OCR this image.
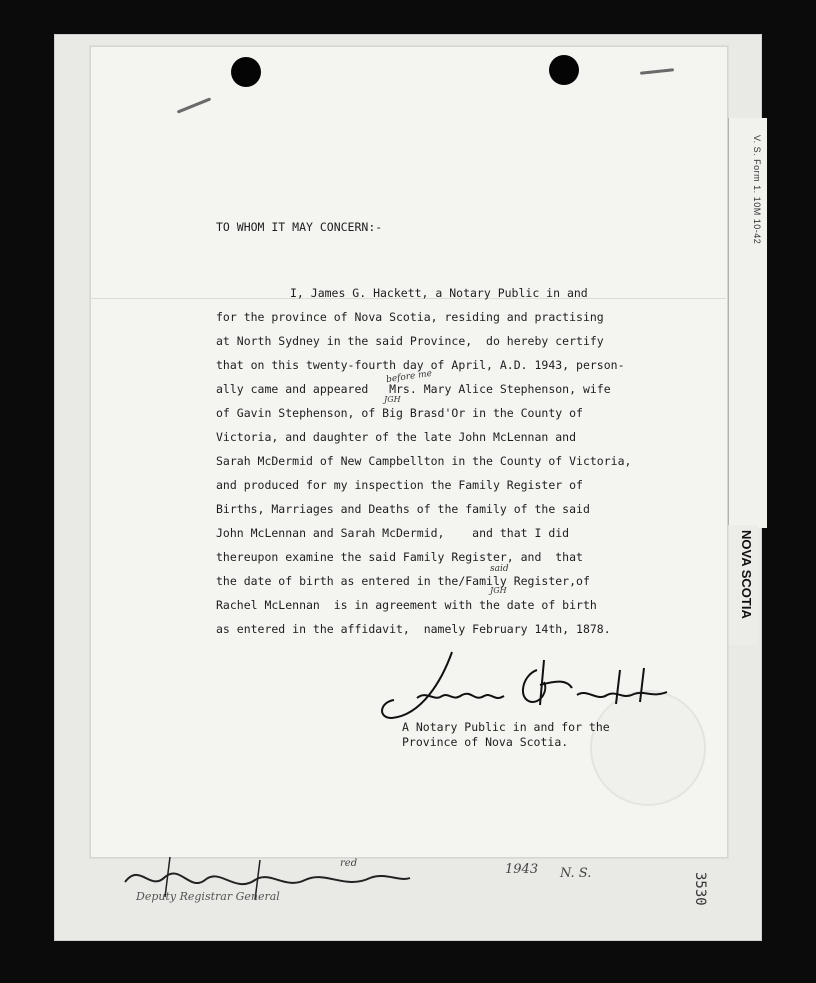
V. S. Form 1. 10M 10-42
NOVA SCOTIA
TO WHOM IT MAY CONCERN:-
I, James G. Hackett, a Notary Public in and
for the province of Nova Scotia, residing and practising
at North Sydney in the said Province,  do hereby certify
that on this twenty-fourth day of April, A.D. 1943, person-
ally came and appeared   Mrs. Mary Alice Stephenson, wife
of Gavin Stephenson, of Big Brasd'Or in the County of
Victoria, and daughter of the late John McLennan and
Sarah McDermid of New Campbellton in the County of Victoria,
and produced for my inspection the Family Register of
Births, Marriages and Deaths of the family of the said
John McLennan and Sarah McDermid,    and that I did
thereupon examine the said Family Register, and  that
the date of birth as entered in the/Family Register,of
Rachel McLennan  is in agreement with the date of birth
as entered in the affidavit,  namely February 14th, 1878.
before me
JGH
said
JGH
A Notary Public in and for the
Province of Nova Scotia.
Deputy Registrar General
1943 N. S.
red
3530
